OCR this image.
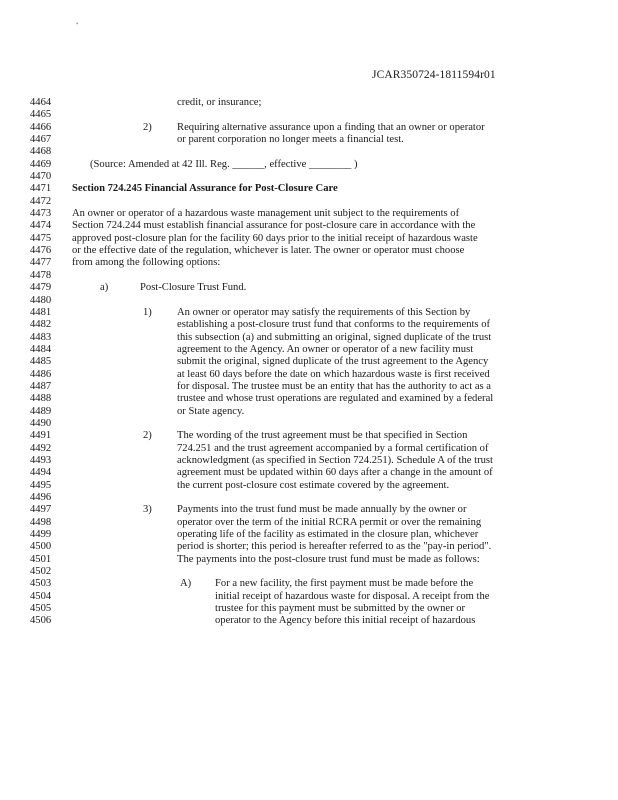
•
JCAR350724-1811594r01
4464	credit, or insurance;
4465
4466	2) Requiring alternative assurance upon a finding that an owner or operator
4467	or parent corporation no longer meets a financial test.
4468
4469	(Source: Amended at 42 Ill. Reg. ______, effective ________ )
4470
4471 Section 724.245 Financial Assurance for Post-Closure Care
4472
4473 An owner or operator of a hazardous waste management unit subject to the requirements of
4474 Section 724.244 must establish financial assurance for post-closure care in accordance with the
4475 approved post-closure plan for the facility 60 days prior to the initial receipt of hazardous waste
4476 or the effective date of the regulation, whichever is later. The owner or operator must choose
4477 from among the following options:
4478
4479	a)	Post-Closure Trust Fund.
4480
4481	1) An owner or operator may satisfy the requirements of this Section by
4482	establishing a post-closure trust fund that conforms to the requirements of
4483	this subsection (a) and submitting an original, signed duplicate of the trust
4484	agreement to the Agency. An owner or operator of a new facility must
4485	submit the original, signed duplicate of the trust agreement to the Agency
4486	at least 60 days before the date on which hazardous waste is first received
4487	for disposal. The trustee must be an entity that has the authority to act as a
4488	trustee and whose trust operations are regulated and examined by a federal
4489	or State agency.
4490
4491	2) The wording of the trust agreement must be that specified in Section
4492	724.251 and the trust agreement accompanied by a formal certification of
4493	acknowledgment (as specified in Section 724.251). Schedule A of the trust
4494	agreement must be updated within 60 days after a change in the amount of
4495	the current post-closure cost estimate covered by the agreement.
4496
4497	3) Payments into the trust fund must be made annually by the owner or
4498	operator over the term of the initial RCRA permit or over the remaining
4499	operating life of the facility as estimated in the closure plan, whichever
4500	period is shorter; this period is hereafter referred to as the "pay-in period".
4501	The payments into the post-closure trust fund must be made as follows:
4502
4503	A) For a new facility, the first payment must be made before the
4504	initial receipt of hazardous waste for disposal. A receipt from the
4505	trustee for this payment must be submitted by the owner or
4506	operator to the Agency before this initial receipt of hazardous
